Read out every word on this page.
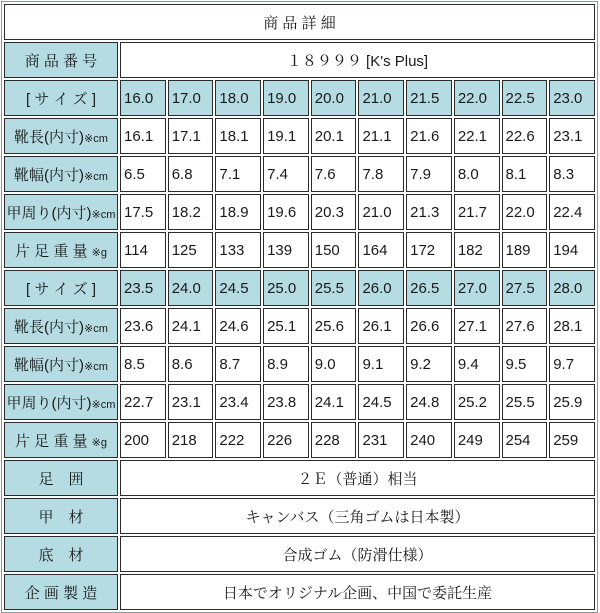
商 品 詳 細										
商 品 番 号	１８９９９ [K's Plus]									
[ サ イ ズ ]	16.0	17.0	18.0	19.0	20.0	21.0	21.5	22.0	22.5	23.0
靴長(内寸)※cm	16.1	17.1	18.1	19.1	20.1	21.1	21.6	22.1	22.6	23.1
靴幅(内寸)※cm	6.5	6.8	7.1	7.4	7.6	7.8	7.9	8.0	8.1	8.3
甲周り(内寸)※cm	17.5	18.2	18.9	19.6	20.3	21.0	21.3	21.7	22.0	22.4
片 足 重 量 ※g	114	125	133	139	150	164	172	182	189	194
[ サ イ ズ ]	23.5	24.0	24.5	25.0	25.5	26.0	26.5	27.0	27.5	28.0
靴長(内寸)※cm	23.6	24.1	24.6	25.1	25.6	26.1	26.6	27.1	27.6	28.1
靴幅(内寸)※cm	8.5	8.6	8.7	8.9	9.0	9.1	9.2	9.4	9.5	9.7
甲周り(内寸)※cm	22.7	23.1	23.4	23.8	24.1	24.5	24.8	25.2	25.5	25.9
片 足 重 量 ※g	200	218	222	226	228	231	240	249	254	259
足　囲	２Ｅ（普通）相当									
甲　材	キャンバス（三角ゴムは日本製）									
底　材	合成ゴム（防滑仕様）									
企 画 製 造	日本でオリジナル企画、中国で委託生産									
